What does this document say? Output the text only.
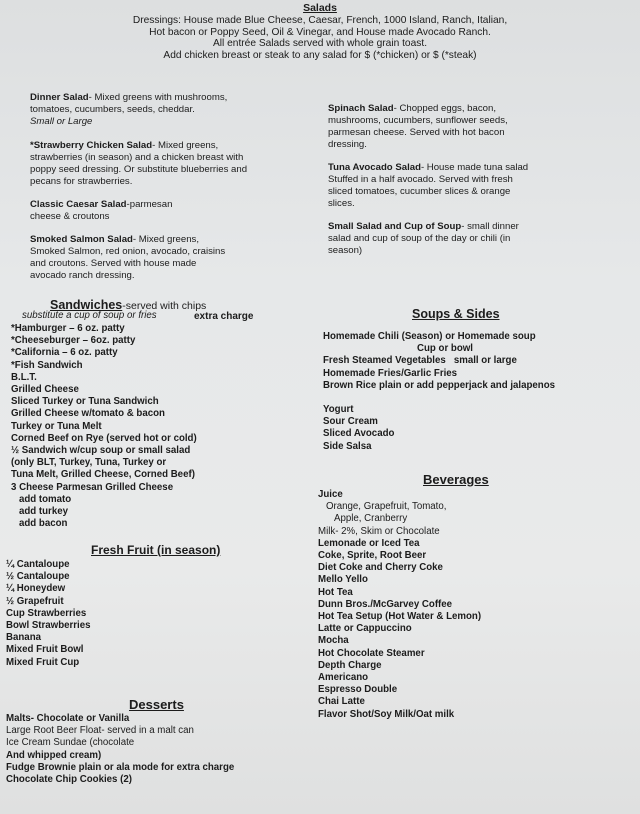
Salads
Dressings: House made Blue Cheese, Caesar, French, 1000 Island, Ranch, Italian,
Hot bacon or Poppy Seed, Oil & Vinegar, and House made Avocado Ranch.
All entrée Salads served with whole grain toast.
Add chicken breast or steak to any salad for $ (*chicken) or $ (*steak)
Dinner Salad- Mixed greens with mushrooms, tomatoes, cucumbers, seeds, cheddar.
Small or Large
*Strawberry Chicken Salad- Mixed greens, strawberries (in season) and a chicken breast with poppy seed dressing. Or substitute blueberries and pecans for strawberries.
Classic Caesar Salad-parmesan cheese & croutons
Smoked Salmon Salad- Mixed greens, Smoked Salmon, red onion, avocado, craisins and croutons. Served with house made avocado ranch dressing.
Spinach Salad- Chopped eggs, bacon, mushrooms, cucumbers, sunflower seeds, parmesan cheese. Served with hot bacon dressing.
Tuna Avocado Salad- House made tuna salad Stuffed in a half avocado. Served with fresh sliced tomatoes, cucumber slices & orange slices.
Small Salad and Cup of Soup- small dinner salad and cup of soup of the day or chili (in season)
Sandwiches-served with chips
substitute a cup of soup or fries	extra charge
*Hamburger – 6 oz. patty
*Cheeseburger – 6oz. patty
*California – 6 oz. patty
*Fish Sandwich
B.L.T.
Grilled Cheese
Sliced Turkey or Tuna Sandwich
Grilled Cheese w/tomato & bacon
Turkey or Tuna Melt
Corned Beef on Rye (served hot or cold)
½ Sandwich w/cup soup or small salad
(only BLT, Turkey, Tuna, Turkey or
Tuna Melt, Grilled Cheese, Corned Beef)
3 Cheese Parmesan Grilled Cheese
add tomato
add turkey
add bacon
Fresh Fruit (in season)
¼ Cantaloupe
½ Cantaloupe
¼ Honeydew
½ Grapefruit
Cup Strawberries
Bowl Strawberries
Banana
Mixed Fruit Bowl
Mixed Fruit Cup
Desserts
Malts- Chocolate or Vanilla
Large Root Beer Float- served in a malt can
Ice Cream Sundae (chocolate
And whipped cream)
Fudge Brownie plain or ala mode for extra charge
Chocolate Chip Cookies (2)
Soups & Sides
Homemade Chili (Season) or Homemade soup
Cup or bowl
Fresh Steamed Vegetables small or large
Homemade Fries/Garlic Fries
Brown Rice plain or add pepperjack and jalapenos
Yogurt
Sour Cream
Sliced Avocado
Side Salsa
Beverages
Juice
Orange, Grapefruit, Tomato,
Apple, Cranberry
Milk- 2%, Skim or Chocolate
Lemonade or Iced Tea
Coke, Sprite, Root Beer
Diet Coke and Cherry Coke
Mello Yello
Hot Tea
Dunn Bros./McGarvey Coffee
Hot Tea Setup (Hot Water & Lemon)
Latte or Cappuccino
Mocha
Hot Chocolate Steamer
Depth Charge
Americano
Espresso Double
Chai Latte
Flavor Shot/Soy Milk/Oat milk
